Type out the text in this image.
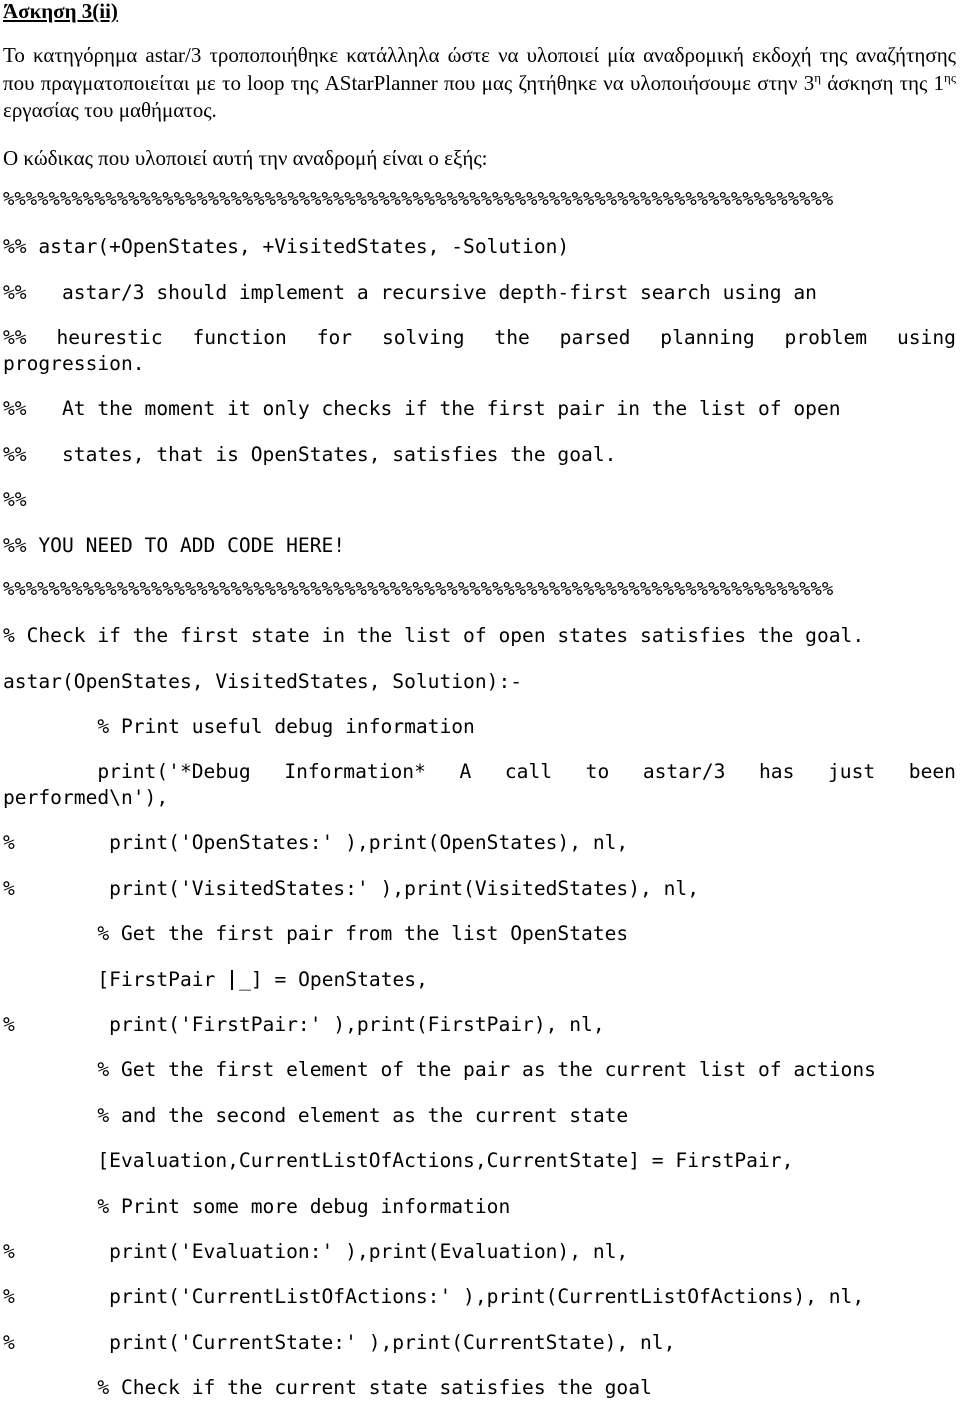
Άσκηση 3(ii)

Το κατηγόρημα astar/3 τροποποιήθηκε κατάλληλα ώστε να υλοποιεί μία αναδρομική εκδοχή της αναζήτησης που πραγματοποιείται με το loop της AStarPlanner που μας ζητήθηκε να υλοποιήσουμε στην $3^\eta$ άσκηση της $1^{\eta\varsigma}$ εργασίας του μαθήματος.

Ο κώδικας που υλοποιεί αυτή την αναδρομή είναι ο εξής:
%%%%%%%%%%%%%%%%%%%%%%%%%%%%%%%%%%%%%%%%%%%%%%%%%%%%%%%%%%%%%%%%%%%%%%%%%
%% astar(+OpenStates, +VisitedStates, -Solution)
%%   astar/3 should implement a recursive depth-first search using an
%% heurestic function for solving the parsed planning problem using
progression.
%%   At the moment it only checks if the first pair in the list of open
%%   states, that is OpenStates, satisfies the goal.
%%
%% YOU NEED TO ADD CODE HERE!
%%%%%%%%%%%%%%%%%%%%%%%%%%%%%%%%%%%%%%%%%%%%%%%%%%%%%%%%%%%%%%%%%%%%%%%%%
% Check if the first state in the list of open states satisfies the goal.
astar(OpenStates, VisitedStates, Solution):-
% Print useful debug information
print('*Debug Information* A call to astar/3 has just been
performed\n'),
%        print('OpenStates:' ),print(OpenStates), nl,
%        print('VisitedStates:' ),print(VisitedStates), nl,
% Get the first pair from the list OpenStates
[FirstPair _] = OpenStates,
%        print('FirstPair:' ),print(FirstPair), nl,
% Get the first element of the pair as the current list of actions
% and the second element as the current state
[Evaluation,CurrentListOfActions,CurrentState] = FirstPair,
% Print some more debug information
%        print('Evaluation:' ),print(Evaluation), nl,
%        print('CurrentListOfActions:' ),print(CurrentListOfActions), nl,
%        print('CurrentState:' ),print(CurrentState), nl,
% Check if the current state satisfies the goal
